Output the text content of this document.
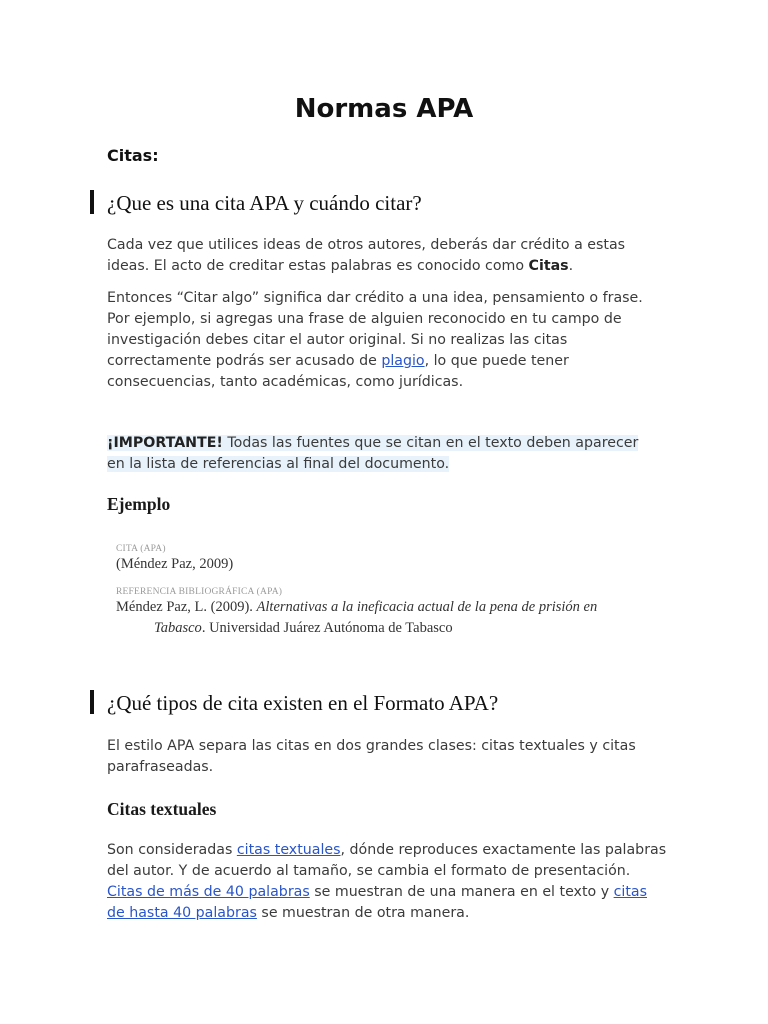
Normas APA
Citas:
¿Que es una cita APA y cuándo citar?

Cada vez que utilices ideas de otros autores, deberás dar crédito a estas ideas. El acto de creditar estas palabras es conocido como Citas.

Entonces “Citar algo” significa dar crédito a una idea, pensamiento o frase. Por ejemplo, si agregas una frase de alguien reconocido en tu campo de investigación debes citar el autor original. Si no realizas las citas correctamente podrás ser acusado de plagio, lo que puede tener consecuencias, tanto académicas, como jurídicas.

¡IMPORTANTE! Todas las fuentes que se citan en el texto deben aparecer en la lista de referencias al final del documento.

Ejemplo
CITA (APA)
(Méndez Paz, 2009)
REFERENCIA BIBLIOGRÁFICA (APA)
Méndez Paz, L. (2009). Alternativas a la ineficacia actual de la pena de prisión en
Tabasco. Universidad Juárez Autónoma de Tabasco
¿Qué tipos de cita existen en el Formato APA?

El estilo APA separa las citas en dos grandes clases: citas textuales y citas parafraseadas.

Citas textuales

Son consideradas citas textuales, dónde reproduces exactamente las palabras del autor. Y de acuerdo al tamaño, se cambia el formato de presentación. Citas de más de 40 palabras se muestran de una manera en el texto y citas de hasta 40 palabras se muestran de otra manera.
